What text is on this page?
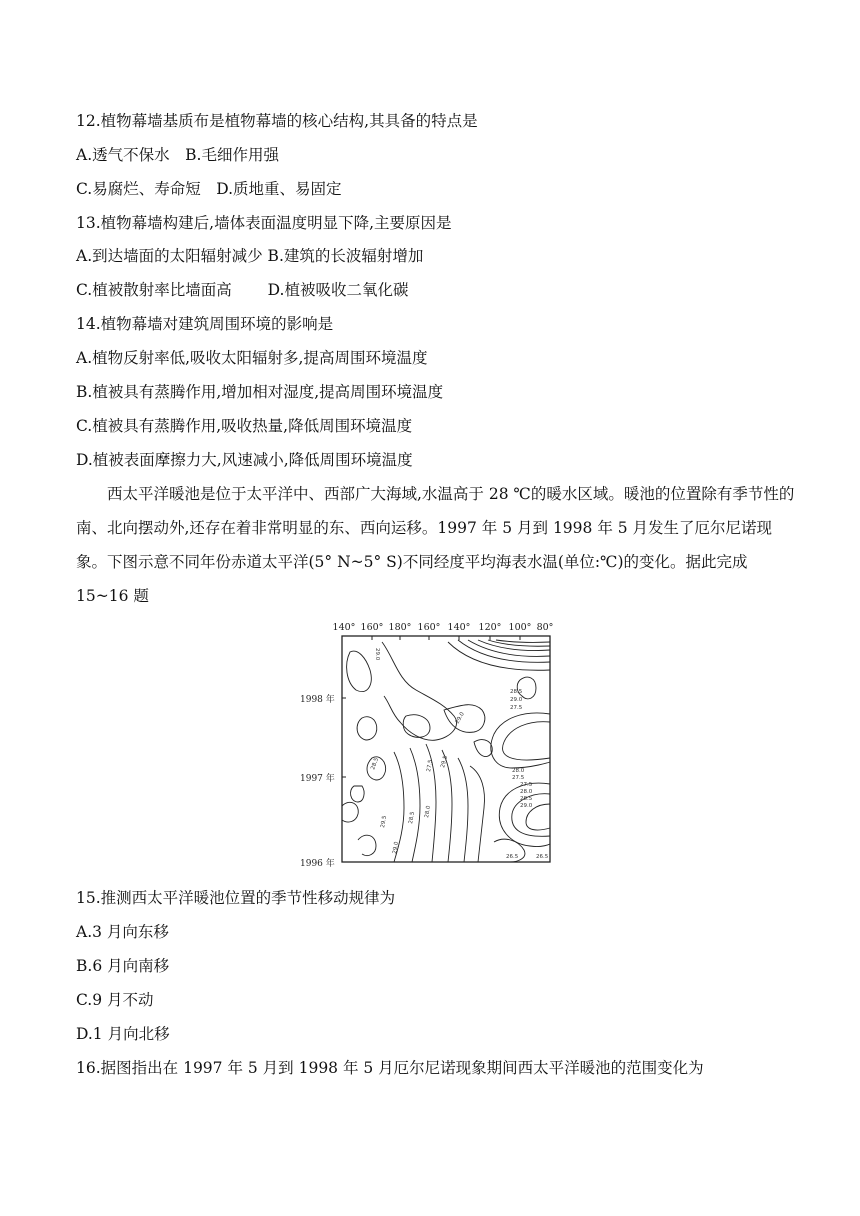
12.植物幕墙基质布是植物幕墙的核心结构,其具备的特点是
A.透气不保水　B.毛细作用强
C.易腐烂、寿命短　D.质地重、易固定
13.植物幕墙构建后,墙体表面温度明显下降,主要原因是
A.到达墙面的太阳辐射减少 B.建筑的长波辐射增加
C.植被散射率比墙面高　　 D.植被吸收二氧化碳
14.植物幕墙对建筑周围环境的影响是
A.植物反射率低,吸收太阳辐射多,提高周围环境温度
B.植被具有蒸腾作用,增加相对湿度,提高周围环境温度
C.植被具有蒸腾作用,吸收热量,降低周围环境温度
D.植被表面摩擦力大,风速减小,降低周围环境温度
西太平洋暖池是位于太平洋中、西部广大海域,水温高于 28 ℃的暖水区域。暖池的位置除有季节性的南、北向摆动外,还存在着非常明显的东、西向运移。1997 年 5 月到 1998 年 5 月发生了厄尔尼诺现象。下图示意不同年份赤道太平洋(5° N~5° S)不同经度平均海表水温(单位:℃)的变化。据此完成 15~16 题
140° 160° 180° 160° 140° 120° 100° 80°
1998 年
1997 年
1996 年
29.0
28.5
29.0
27.5
29.0
28.5
28.0
27.5
29.5	28.5 28.0
27.5
26.5
29.0
29.5
27.5
28.0
28.5
29.0
26.5
15.推测西太平洋暖池位置的季节性移动规律为
A.3 月向东移
B.6 月向南移
C.9 月不动
D.1 月向北移
16.据图指出在 1997 年 5 月到 1998 年 5 月厄尔尼诺现象期间西太平洋暖池的范围变化为
